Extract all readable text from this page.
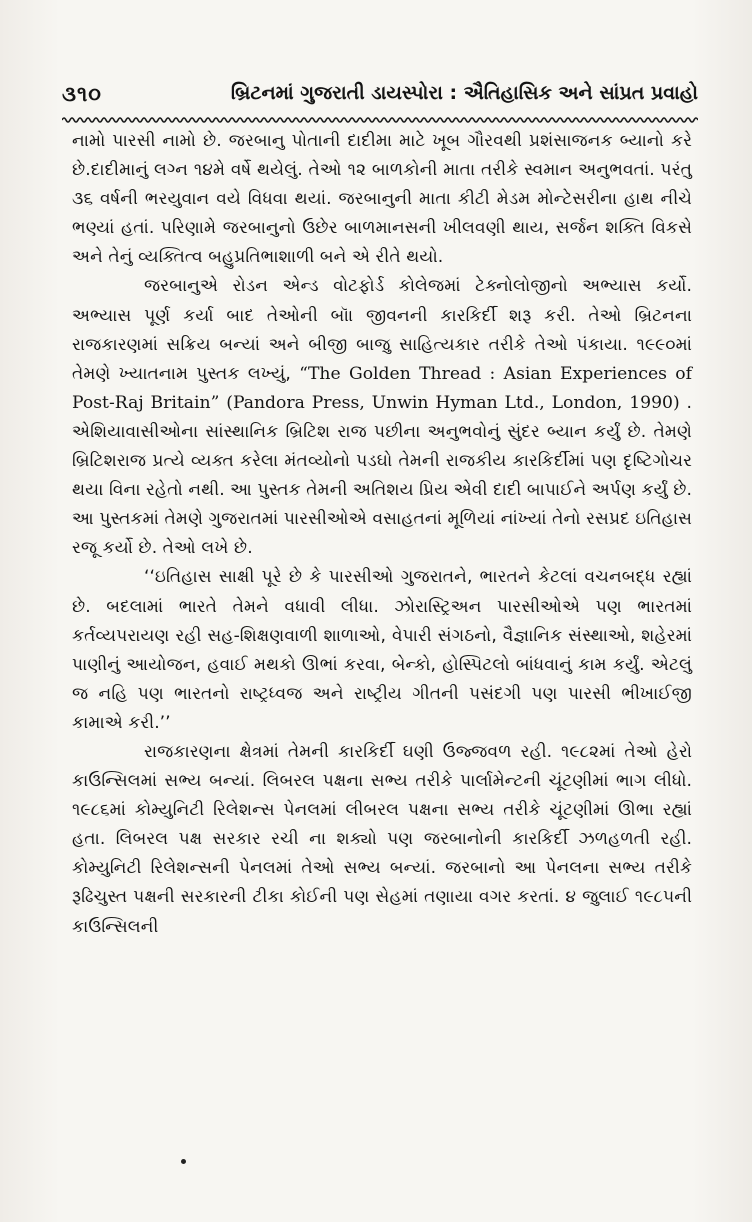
૩૧૦	બ્રિટનમાં ગુજરાતી ડાયસ્પોરા : ઐતિહાસિક અને સાંપ્રત પ્રવાહો

નામો પારસી નામો છે. જરબાનુ પોતાની દાદીમા માટે ખૂબ ગૌરવથી પ્રશંસાજનક બ્યાનો કરે છે.દાદીમાનું લગ્ન ૧૪મે વર્ષે થયેલું. તેઓ ૧૨ બાળકોની માતા તરીકે સ્વમાન અનુભવતાં. પરંતુ ૩૬ વર્ષની ભરયુવાન વયે વિધવા થયાં. જરબાનુની માતા કીટી મેડમ મોન્ટેસરીના હાથ નીચે ભણ્યાં હતાં. પરિણામે જરબાનુનો ઉછેર બાળમાનસની ખીલવણી થાય, સર્જન શક્તિ વિકસે અને તેનું વ્યક્તિત્વ બહુપ્રતિભાશાળી બને એ રીતે થયો.

જરબાનુએ રોડન એન્ડ વોટફોર્ડ કોલેજમાં ટેક્નોલોજીનો અભ્યાસ કર્યો. અભ્યાસ પૂર્ણ કર્યા બાદ તેઓની બૉા જીવનની કારકિર્દી શરૂ કરી. તેઓ બ્રિટનના રાજકારણમાં સક્રિય બન્યાં અને બીજી બાજુ સાહિત્યકાર તરીકે તેઓ પંકાયા. ૧૯૯૦માં તેમણે ખ્યાતનામ પુસ્તક લખ્યું, “The Golden Thread : Asian Experiences of Post-Raj Britain” (Pandora Press, Unwin Hyman Ltd., London, 1990) . એશિયાવાસીઓના સાંસ્થાનિક બ્રિટિશ રાજ પછીના અનુભવોનું સુંદર બ્યાન કર્યું છે. તેમણે બ્રિટિશરાજ પ્રત્યે વ્યક્ત કરેલા મંતવ્યોનો પડઘો તેમની રાજકીય કારકિર્દીમાં પણ દૃષ્ટિગોચર થયા વિના રહેતો નથી. આ પુસ્તક તેમની અતિશય પ્રિય એવી દાદી બાપાઈને અર્પણ કર્યું છે. આ પુસ્તકમાં તેમણે ગુજરાતમાં પારસીઓએ વસાહતનાં મૂળિયાં નાંખ્યાં તેનો રસપ્રદ ઇતિહાસ રજૂ કર્યો છે. તેઓ લખે છે.

‘‘ઇતિહાસ સાક્ષી પૂરે છે કે પારસીઓ ગુજરાતને, ભારતને કેટલાં વચનબદ્ધ રહ્યાં છે. બદલામાં ભારતે તેમને વધાવી લીધા. ઝોરાસ્ટ્રિઅન પારસીઓએ પણ ભારતમાં કર્તવ્યપરાયણ રહી સહ-શિક્ષણવાળી શાળાઓ, વેપારી સંગઠનો, વૈજ્ઞાનિક સંસ્થાઓ, શહેરમાં પાણીનું આયોજન, હવાઈ મથકો ઊભાં કરવા, બેન્કો, હોસ્પિટલો બાંધવાનું કામ કર્યું. એટલું જ નહિ પણ ભારતનો રાષ્ટ્રધ્વજ અને રાષ્ટ્રીય ગીતની પસંદગી પણ પારસી ભીખાઈજી કામાએ કરી.’’

રાજકારણના ક્ષેત્રમાં તેમની કારકિર્દી ઘણી ઉજ્જવળ રહી. ૧૯૮૨માં તેઓ હેરો કાઉન્સિલમાં સભ્ય બન્યાં. લિબરલ પક્ષના સભ્ય તરીકે પાર્લામેન્ટની ચૂંટણીમાં ભાગ લીધો. ૧૯૮૬માં કોમ્યુનિટી રિલેશન્સ પેનલમાં લીબરલ પક્ષના સભ્ય તરીકે ચૂંટણીમાં ઊભા રહ્યાં હતા. લિબરલ પક્ષ સરકાર રચી ના શક્યો પણ જરબાનોની કારકિર્દી ઝળહળતી રહી. કોમ્યુનિટી રિલેશન્સની પેનલમાં તેઓ સભ્ય બન્યાં. જરબાનો આ પેનલના સભ્ય તરીકે રૂઢિચુસ્ત પક્ષની સરકારની ટીકા કોઈની પણ સેહમાં તણાયા વગર કરતાં. ૪ જુલાઈ ૧૯૮૫ની કાઉન્સિલની
